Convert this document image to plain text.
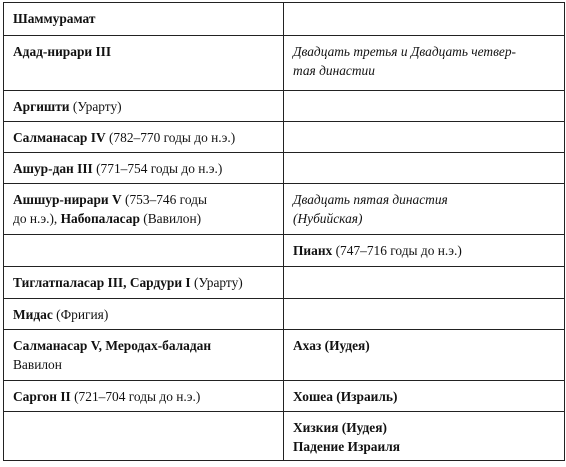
Шаммурамат	
Адад-нирари III	Двадцать третья и Двадцать четвер-
тая династии
Аргишти (Урарту)	
Салманасар IV (782–770 годы до н.э.)	
Ашур-дан III (771–754 годы до н.э.)	
Ашшур-нирари V (753–746 годы
до н.э.), Набопаласар (Вавилон)	Двадцать пятая династия
(Нубийская)
	Пианх (747–716 годы до н.э.)
Тиглатпаласар III, Сардури I (Урарту)	
Мидас (Фригия)	
Салманасар V, Меродах-баладан
Вавилон	Ахаз (Иудея)
Саргон II (721–704 годы до н.э.)	Хошеа (Израиль)
	Хизкия (Иудея)
Падение Израиля
